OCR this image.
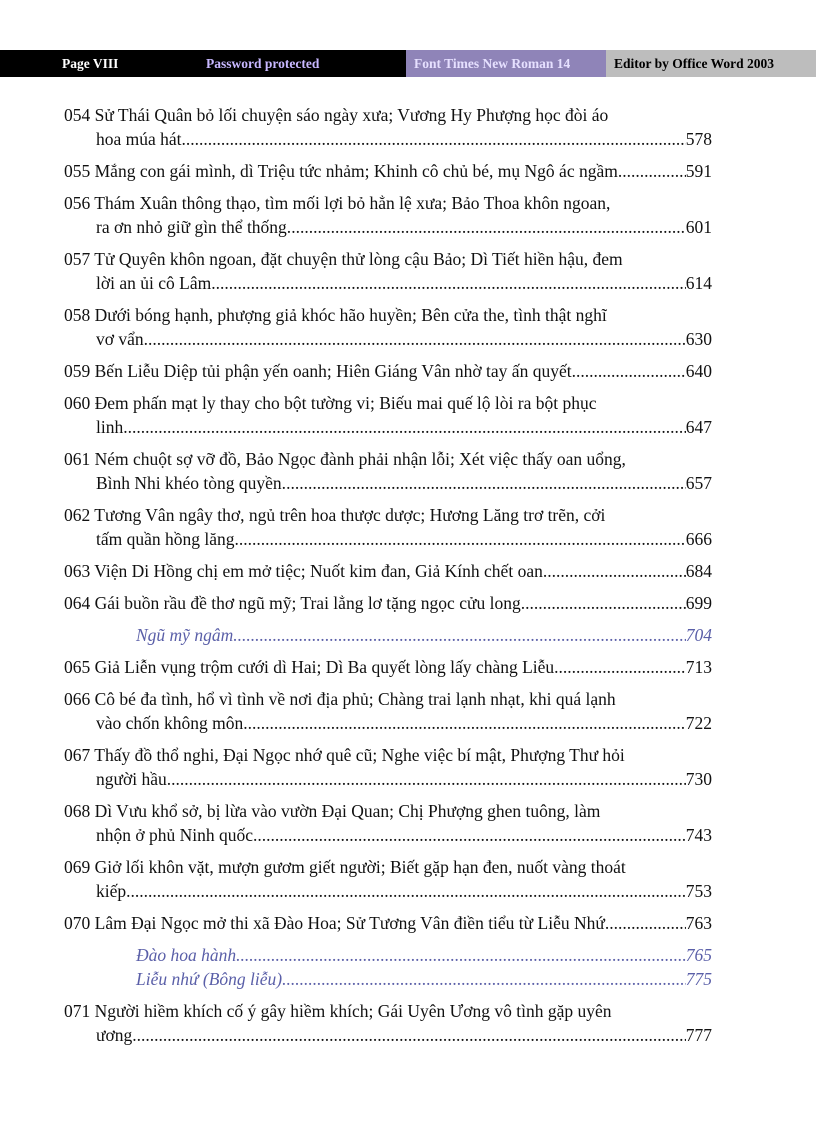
Page VIII	Password protected	Font Times New Roman 14	Editor by Office Word 2003
054 Sử Thái Quân bỏ lối chuyện sáo ngày xưa; Vương Hy Phượng học đòi áo
hoa múa hát. .....	578
055 Mắng con gái mình, dì Triệu tức nhảm; Khinh cô chủ bé, mụ Ngô ác ngầm. .....	591
056 Thám Xuân thông thạo, tìm mối lợi bỏ hẳn lệ xưa; Bảo Thoa khôn ngoan,
ra ơn nhỏ giữ gìn thể thống. .....	601
057 Tử Quyên khôn ngoan, đặt chuyện thử lòng cậu Bảo; Dì Tiết hiền hậu, đem
lời an ủi cô Lâm. .....	614
058 Dưới bóng hạnh, phượng giả khóc hão huyền; Bên cửa the, tình thật nghĩ
vơ vẩn. .....	630
059 Bến Liễu Diệp tủi phận yến oanh; Hiên Giáng Vân nhờ tay ấn quyết. .....	640
060 Đem phấn mạt ly thay cho bột tường vi; Biếu mai quế lộ lòi ra bột phục
linh. .....	647
061 Ném chuột sợ vỡ đồ, Bảo Ngọc đành phải nhận lỗi; Xét việc thấy oan uổng,
Bình Nhi khéo tòng quyền. .....	657
062 Tương Vân ngây thơ, ngủ trên hoa thược dược; Hương Lăng trơ trẽn, cởi
tấm quần hồng lăng. .....	666
063 Viện Di Hồng chị em mở tiệc; Nuốt kim đan, Giả Kính chết oan. .....	684
064 Gái buồn rầu đề thơ ngũ mỹ; Trai lẳng lơ tặng ngọc cửu long. .....	699
Ngũ mỹ ngâm .....	704
065 Giả Liễn vụng trộm cưới dì Hai; Dì Ba quyết lòng lấy chàng Liễu. .....	713
066 Cô bé đa tình, hổ vì tình về nơi địa phủ; Chàng trai lạnh nhạt, khi quá lạnh
vào chốn không môn. .....	722
067 Thấy đồ thổ nghi, Đại Ngọc nhớ quê cũ; Nghe việc bí mật, Phượng Thư hỏi
người hầu. .....	730
068 Dì Vưu khổ sở, bị lừa vào vườn Đại Quan; Chị Phượng ghen tuông, làm
nhộn ở phủ Ninh quốc. .....	743
069 Giở lối khôn vặt, mượn gươm giết người; Biết gặp hạn đen, nuốt vàng thoát
kiếp. .....	753
070 Lâm Đại Ngọc mở thi xã Đào Hoa; Sử Tương Vân điền tiểu từ Liễu Nhứ. .....	763
Đào hoa hành .....	765
Liễu nhứ (Bông liễu) .....	775
071 Người hiềm khích cố ý gây hiềm khích; Gái Uyên Ương vô tình gặp uyên
ương. .....	777
